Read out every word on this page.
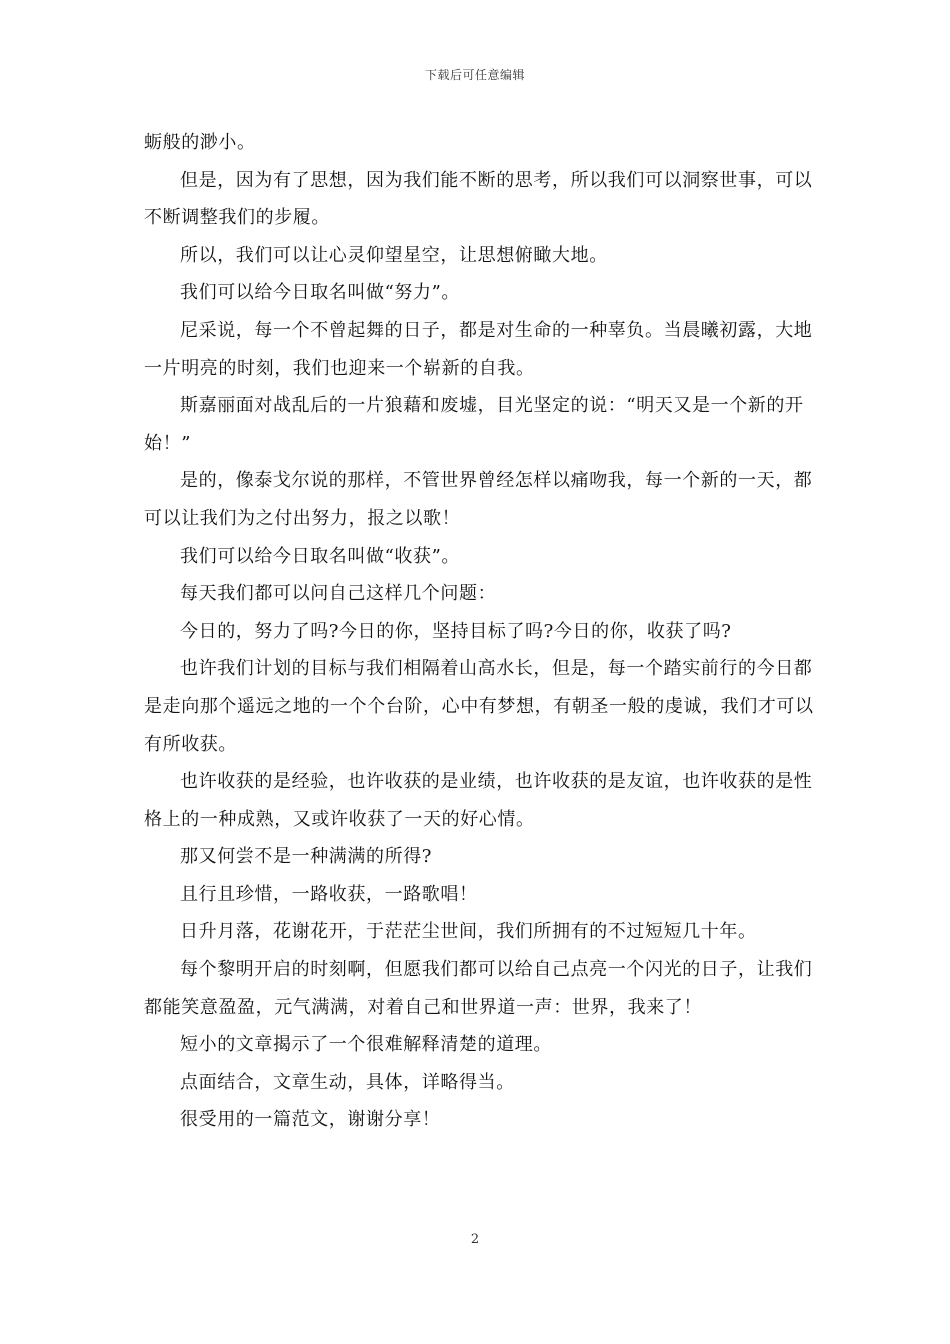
下载后可任意编辑

蛎般的渺小。

但是，因为有了思想，因为我们能不断的思考，所以我们可以洞察世事，可以不断调整我们的步履。

所以，我们可以让心灵仰望星空，让思想俯瞰大地。

我们可以给今日取名叫做“努力”。

尼采说，每一个不曾起舞的日子，都是对生命的一种辜负。当晨曦初露，大地一片明亮的时刻，我们也迎来一个崭新的自我。

斯嘉丽面对战乱后的一片狼藉和废墟，目光坚定的说：“明天又是一个新的开始！”

是的，像泰戈尔说的那样，不管世界曾经怎样以痛吻我，每一个新的一天，都可以让我们为之付出努力，报之以歌！

我们可以给今日取名叫做“收获”。

每天我们都可以问自己这样几个问题：

今日的，努力了吗?今日的你，坚持目标了吗?今日的你，收获了吗?

也许我们计划的目标与我们相隔着山高水长，但是，每一个踏实前行的今日都是走向那个遥远之地的一个个台阶，心中有梦想，有朝圣一般的虔诚，我们才可以有所收获。

也许收获的是经验，也许收获的是业绩，也许收获的是友谊，也许收获的是性格上的一种成熟，又或许收获了一天的好心情。

那又何尝不是一种满满的所得?

且行且珍惜，一路收获，一路歌唱！

日升月落，花谢花开，于茫茫尘世间，我们所拥有的不过短短几十年。

每个黎明开启的时刻啊，但愿我们都可以给自己点亮一个闪光的日子，让我们都能笑意盈盈，元气满满，对着自己和世界道一声：世界，我来了！

短小的文章揭示了一个很难解释清楚的道理。

点面结合，文章生动，具体，详略得当。

很受用的一篇范文，谢谢分享！

2
